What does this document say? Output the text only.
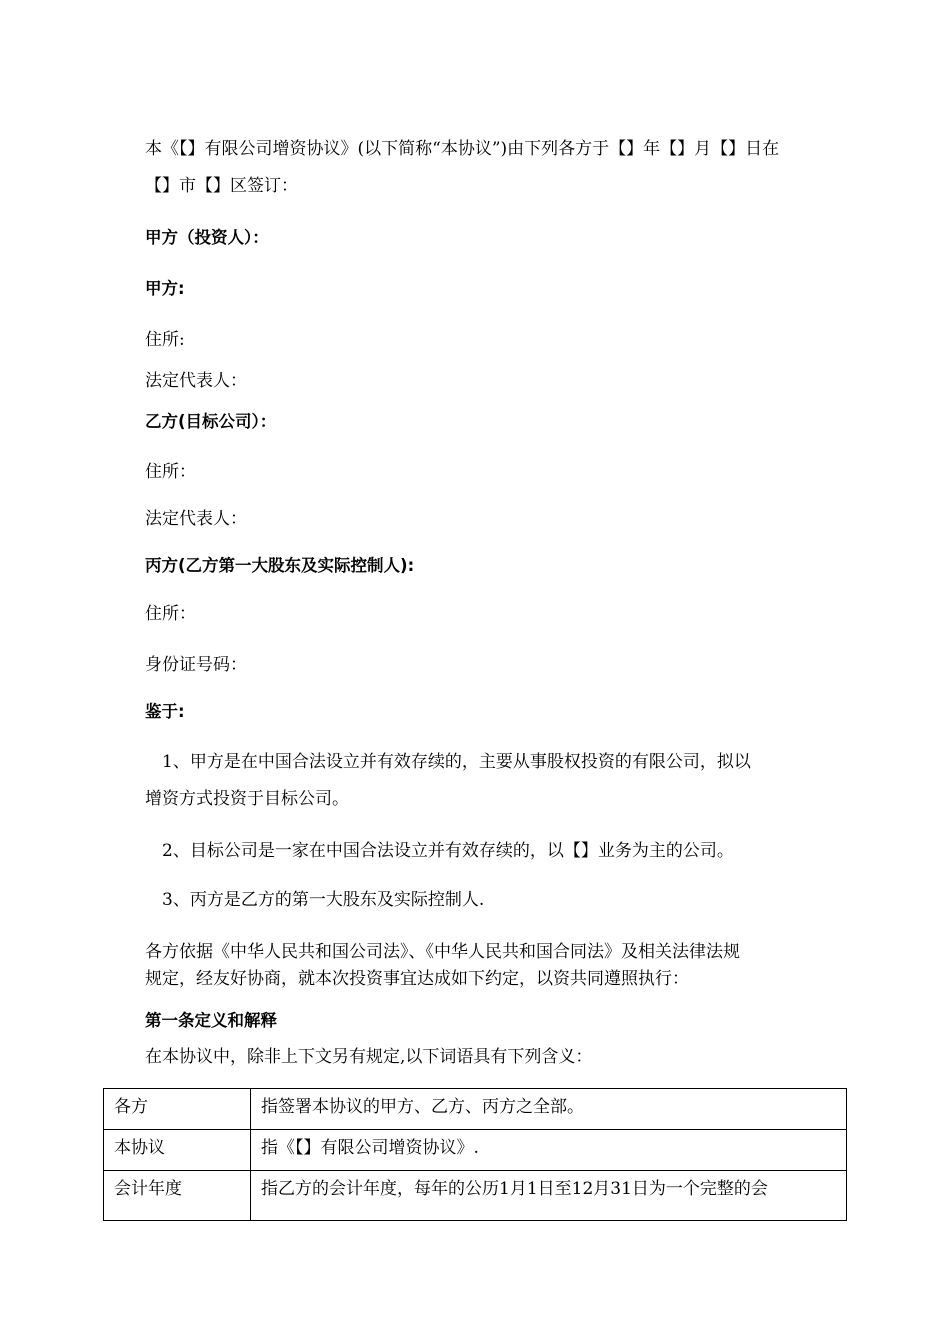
本《【】有限公司增资协议》(以下简称“本协议”)由下列各方于【】年【】月【】日在
【】市【】区签订：
甲方（投资人）：
甲方:
住所:
法定代表人：
乙方(目标公司）：
住所：
法定代表人：
丙方(乙方第一大股东及实际控制人):
住所：
身份证号码：
鉴于:
1、甲方是在中国合法设立并有效存续的，主要从事股权投资的有限公司，拟以
增资方式投资于目标公司。
2、目标公司是一家在中国合法设立并有效存续的，以【】业务为主的公司。
3、丙方是乙方的第一大股东及实际控制人.
各方依据《中华人民共和国公司法》、《中华人民共和国合同法》及相关法律法规
规定，经友好协商，就本次投资事宜达成如下约定，以资共同遵照执行：
第一条定义和解释
在本协议中，除非上下文另有规定,以下词语具有下列含义：
各方	指签署本协议的甲方、乙方、丙方之全部。
本协议	指《【】有限公司增资协议》.
会计年度	指乙方的会计年度，每年的公历1月1日至12月31日为一个完整的会
